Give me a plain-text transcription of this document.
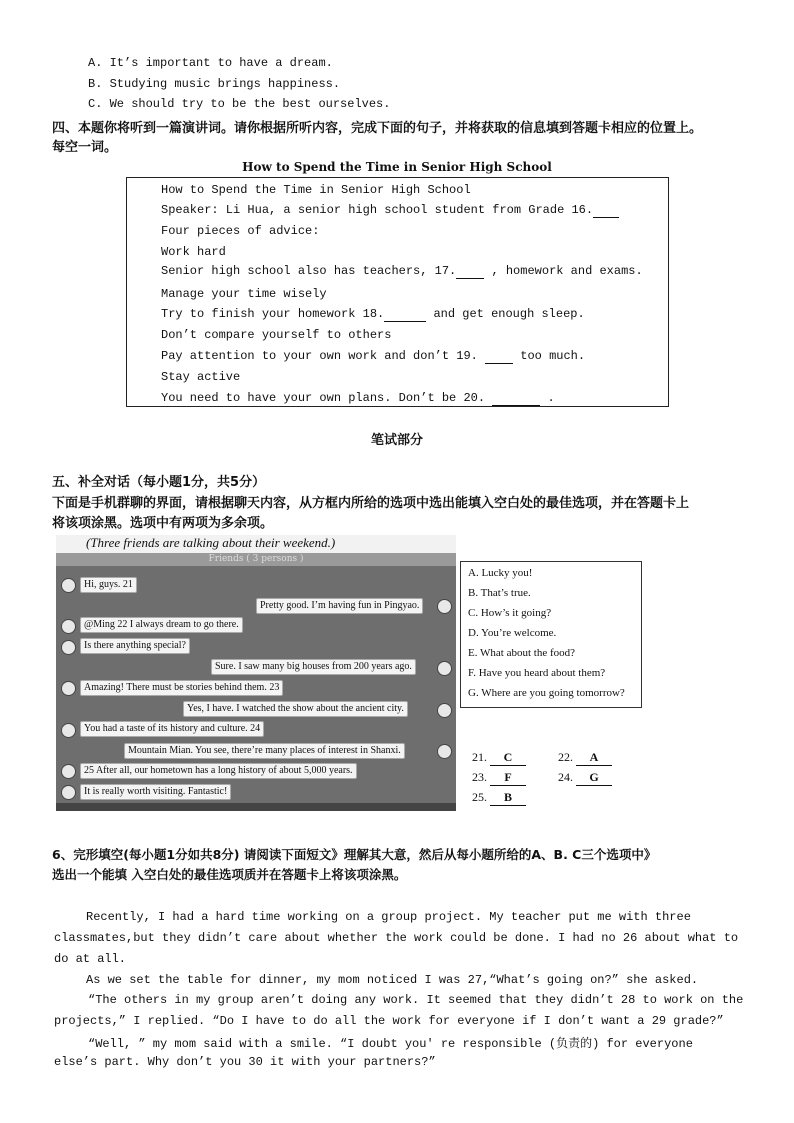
A. It’s important to have a dream.
B. Studying music brings happiness.
C. We should try to be the best ourselves.
四、本题你将听到一篇演讲词。请你根据所听内容，完成下面的句子，并将获取的信息填到答题卡相应的位置上。
每空一词。
How to Spend the Time in Senior High School
How to Spend the Time in Senior High School
Speaker: Li Hua, a senior high school student from Grade 16.
Four pieces of advice:
Work hard
Senior high school also has teachers, 17.	, homework and exams.
Manage your time wisely
Try to finish your homework 18.	and get enough sleep.
Don’t compare yourself to others
Pay attention to your own work and don’t 19.	too much.
Stay active
You need to have your own plans. Don’t be 20.	.
笔试部分
五、补全对话（每小题1分，共5分）
下面是手机群聊的界面，请根据聊天内容，从方框内所给的选项中选出能填入空白处的最佳选项，并在答题卡上
将该项涂黑。选项中有两项为多余项。
(Three friends are talking about their weekend.)
Friends ( 3 persons )
Hi, guys. 21
Pretty good. I’m having fun in Pingyao.
@Ming 22 I always dream to go there.
Is there anything special?
Sure. I saw many big houses from 200 years ago.
Amazing! There must be stories behind them. 23
Yes, I have. I watched the show about the ancient city.
You had a taste of its history and culture. 24
Mountain Mian. You see, there’re many places of interest in Shanxi.
25 After all, our hometown has a long history of about 5,000 years.
It is really worth visiting. Fantastic!
A. Lucky you!
B. That’s true.
C. How’s it going?
D. You’re welcome.
E. What about the food?
F. Have you heard about them?
G. Where are you going tomorrow?
21. C	22. A
23. F	24. G
25. B
6、完形填空(每小题1分如共8分) 请阅读下面短文》理解其大意，然后从每小题所给的A、B. C三个选项中》
选出一个能填 入空白处的最佳选项质并在答题卡上将该项涂黑。
Recently, I had a hard time working on a group project. My teacher put me with three
classmates,but they didn’t care about whether the work could be done. I had no 26 about what to
do at all.
As we set the table for dinner, my mom noticed I was 27,“What’s going on?” she asked.
“The others in my group aren’t doing any work. It seemed that they didn’t 28 to work on the
projects,” I replied. “Do I have to do all the work for everyone if I don’t want a 29 grade?”
“Well, ” my mom said with a smile. “I doubt you' re responsible (负责的) for everyone
else’s part. Why don’t you 30 it with your partners?”
